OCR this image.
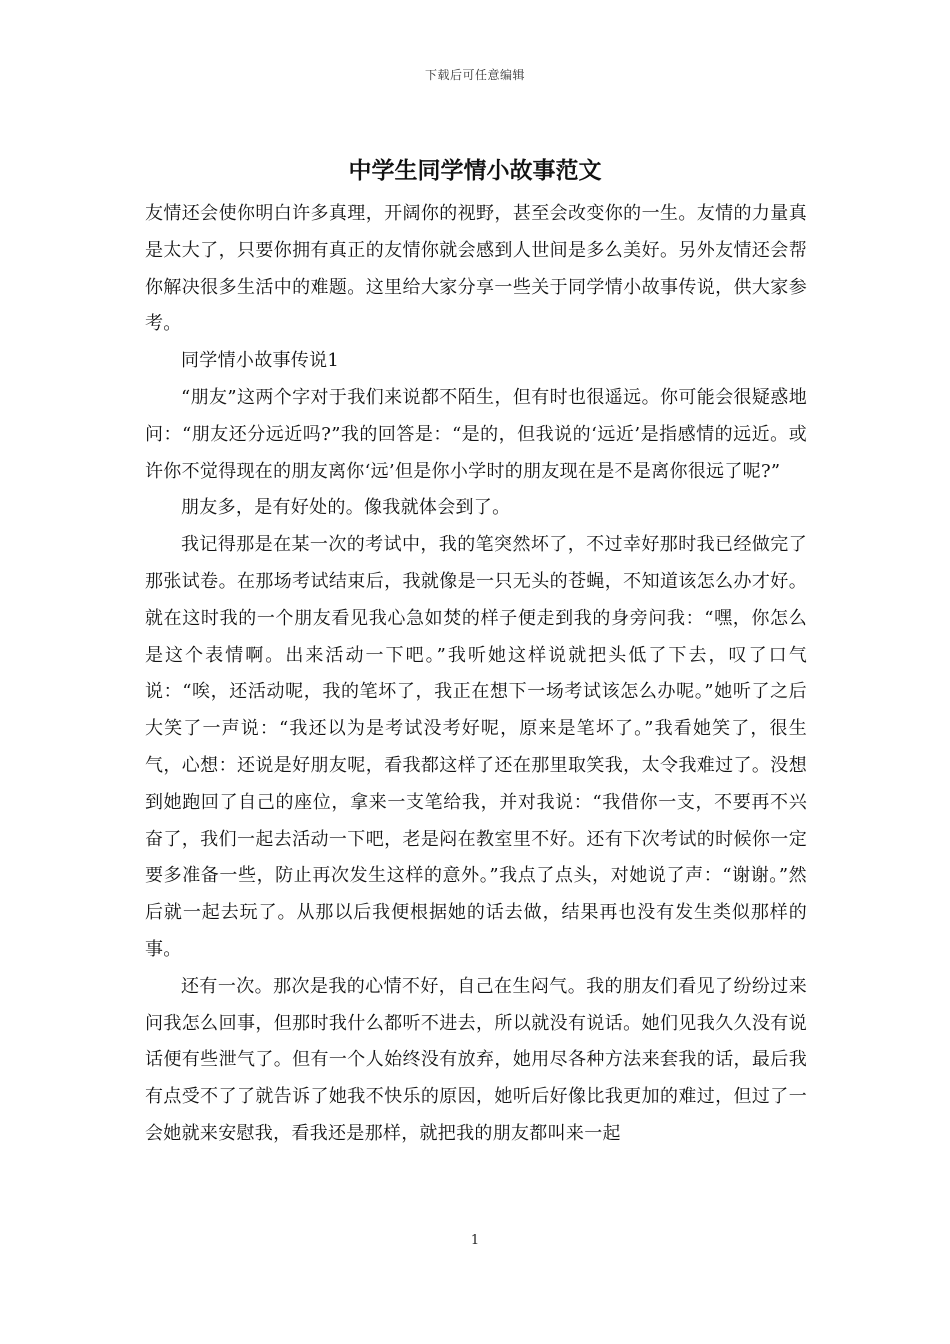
下载后可任意编辑
中学生同学情小故事范文

友情还会使你明白许多真理，开阔你的视野，甚至会改变你的一生。友情的力量真是太大了，只要你拥有真正的友情你就会感到人世间是多么美好。另外友情还会帮你解决很多生活中的难题。这里给大家分享一些关于同学情小故事传说，供大家参考。

同学情小故事传说1

“朋友”这两个字对于我们来说都不陌生，但有时也很遥远。你可能会很疑惑地问：“朋友还分远近吗?”我的回答是：“是的，但我说的‘远近’是指感情的远近。或许你不觉得现在的朋友离你‘远’但是你小学时的朋友现在是不是离你很远了呢?”

朋友多，是有好处的。像我就体会到了。

我记得那是在某一次的考试中，我的笔突然坏了，不过幸好那时我已经做完了那张试卷。在那场考试结束后，我就像是一只无头的苍蝇，不知道该怎么办才好。就在这时我的一个朋友看见我心急如焚的样子便走到我的身旁问我：“嘿，你怎么是这个表情啊。出来活动一下吧。”我听她这样说就把头低了下去，叹了口气说：“唉，还活动呢，我的笔坏了，我正在想下一场考试该怎么办呢。”她听了之后大笑了一声说：“我还以为是考试没考好呢，原来是笔坏了。”我看她笑了，很生气，心想：还说是好朋友呢，看我都这样了还在那里取笑我，太令我难过了。没想到她跑回了自己的座位，拿来一支笔给我，并对我说：“我借你一支，不要再不兴奋了，我们一起去活动一下吧，老是闷在教室里不好。还有下次考试的时候你一定要多准备一些，防止再次发生这样的意外。”我点了点头，对她说了声：“谢谢。”然后就一起去玩了。从那以后我便根据她的话去做，结果再也没有发生类似那样的事。

还有一次。那次是我的心情不好，自己在生闷气。我的朋友们看见了纷纷过来问我怎么回事，但那时我什么都听不进去，所以就没有说话。她们见我久久没有说话便有些泄气了。但有一个人始终没有放弃，她用尽各种方法来套我的话，最后我有点受不了了就告诉了她我不快乐的原因，她听后好像比我更加的难过，但过了一会她就来安慰我，看我还是那样，就把我的朋友都叫来一起

1
